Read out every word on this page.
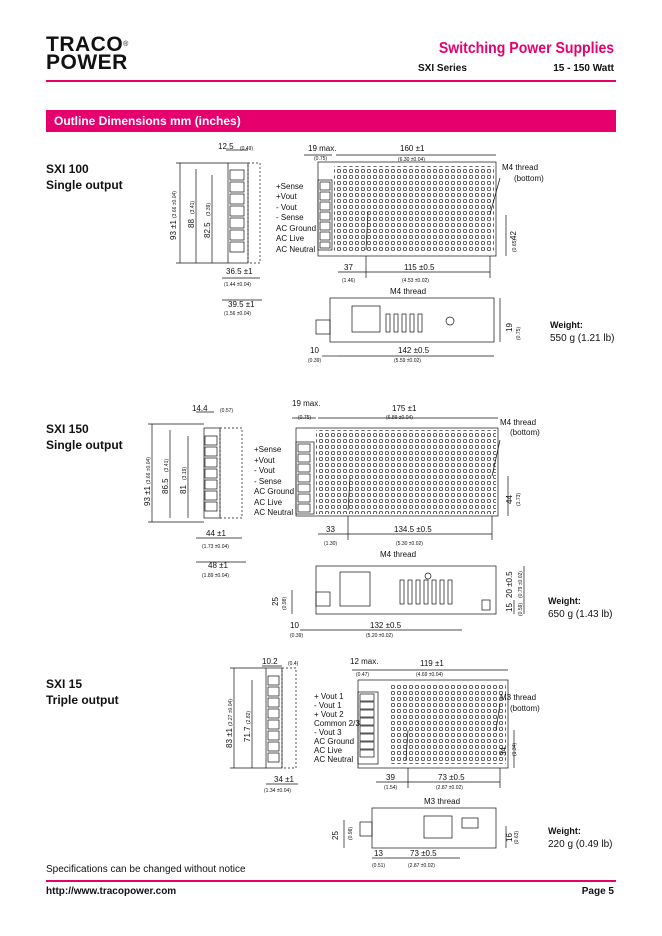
TRACO®
POWER
Switching Power Supplies
SXI Series	15 - 150 Watt
Outline Dimensions mm (inches)
SXI 100
Single output
SXI 150
Single output
SXI 15
Triple output
Weight:
550 g (1.21 lb)
Weight:
650 g (1.43 lb)
Weight:
220 g (0.49 lb)
12.5 (0.49)
93 ±1
(3.66 ±0.04)
88
(3.41)
82.5
(3.39)
36.5 ±1
(1.44 ±0.04)
39.5 ±1
(1.56 ±0.04)
19 max.
(0.75)
160 ±1
(6.30 ±0.04)
M4 thread
(bottom)
42
(0.65)
37
(1.46)
115 ±0.5
(4.53 ±0.02)
M4 thread
19 (0.75)
10
(0.39)
142 ±0.5
(5.59 ±0.02)
+Sense
+Vout
- Vout
- Sense
AC Ground
AC Live
AC Neutral
14.4 (0.57)
93 ±1
(3.66 ±0.04)
86.5
(3.41)
81
(3.19)
44 ±1
(1.73 ±0.04)
48 ±1
(1.89 ±0.04)
19 max.
(0.75)
175 ±1
(6.89 ±0.04)	M4 thread
(bottom)
44 (1.73)
33
(1.30)
134.5 ±0.5
(5.30 ±0.02)
M4 thread
25 (0.98)	15 (0.59)
20 ±0.5 (0.79 ±0.02)
10
(0.39)
132 ±0.5
(5.20 ±0.02)
+Sense
+Vout
- Vout
- Sense
AC Ground
AC Live
AC Neutral
10.2 (0.4)
83 ±1
(3.27 ±0.04)
71.7
(2.82)
34 ±1
(1.34 ±0.04)
12 max.
(0.47)
119 ±1
(4.69 ±0.04)
M3 thread
(bottom)
34 (1.34)
39
(1.54)
73 ±0.5
(2.87 ±0.02)
M3 thread
25 (0.98)	16 (0.63)
13
(0.51)
73 ±0.5
(2.87 ±0.02)
+ Vout 1
- Vout 1
+ Vout 2
Common 2/3
- Vout 3
AC Ground
AC Live
AC Neutral
Specifications can be changed without notice
http://www.tracopower.com	Page 5
